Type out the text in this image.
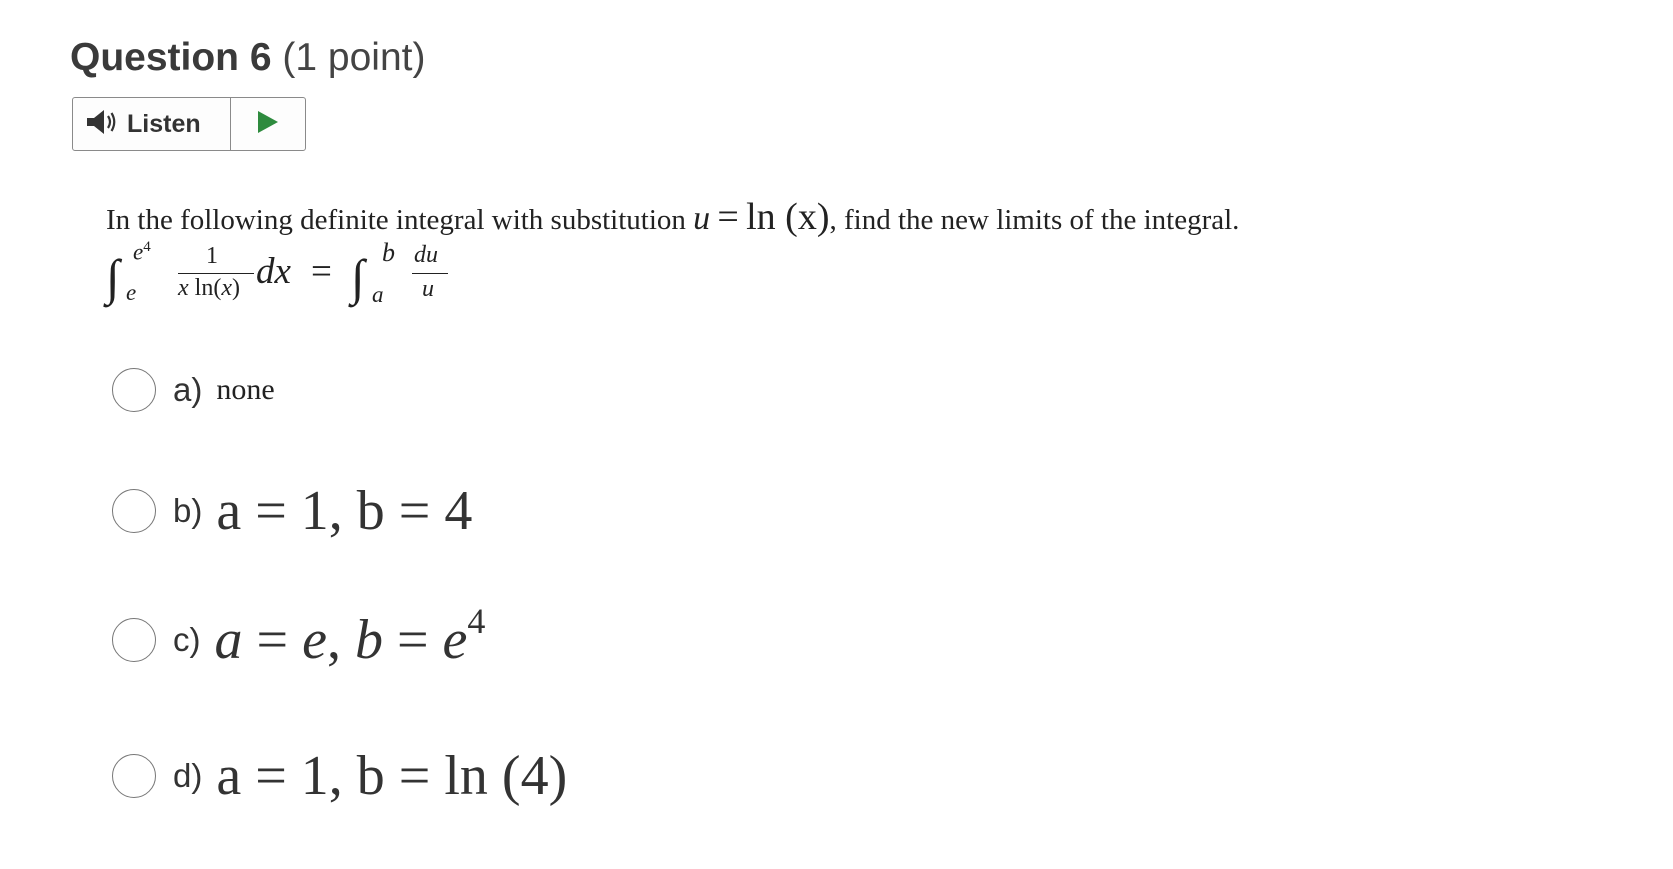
Question 6 (1 point)
Listen
In the following definite integral with substitution u = ln (x), find the new limits of the integral.
∫ $e^4$
e
1
x ln(x) dx = ∫ b
a
du
u
a) none
b) a = 1, b = 4
c) a = e, $b = e^4$
d) a = 1, b = ln (4)
